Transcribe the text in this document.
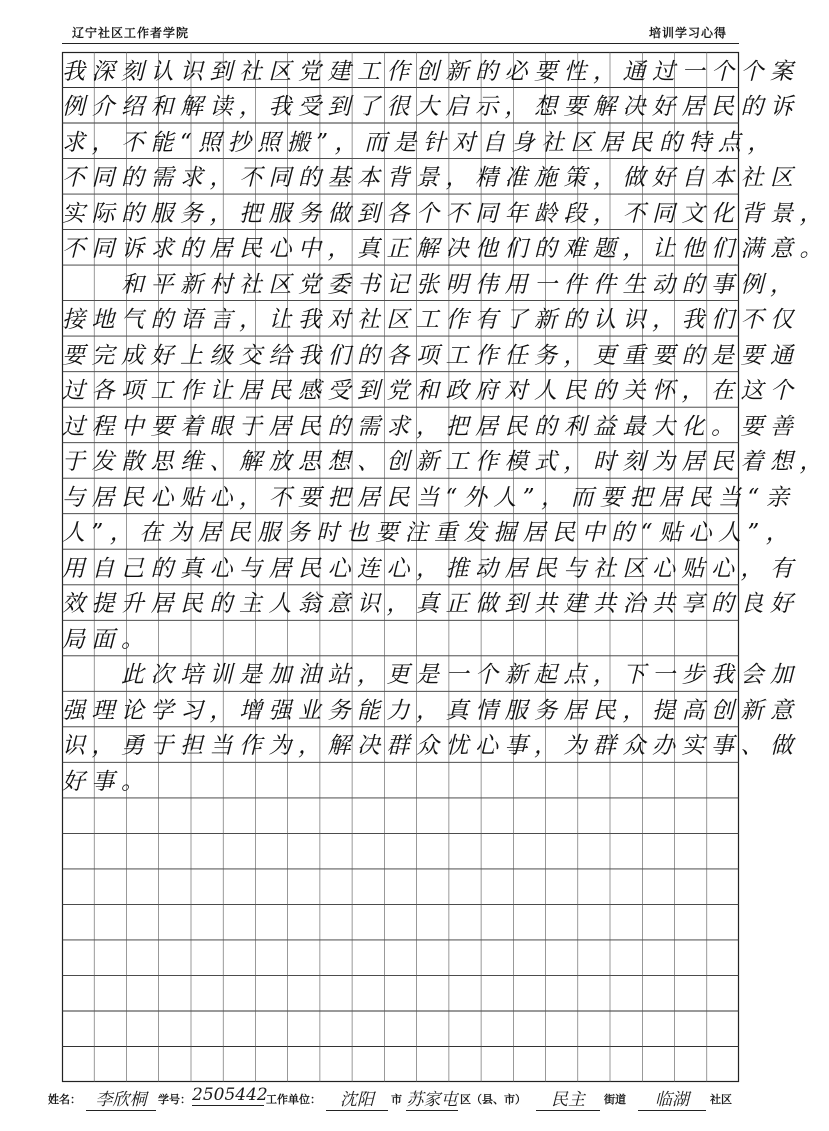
辽宁社区工作者学院	培训学习心得
我深刻认识到社区党建工作创新的必要性，通过一个个案
例介绍和解读，我受到了很大启示，想要解决好居民的诉
求，不能“照抄照搬”，而是针对自身社区居民的特点，
不同的需求，不同的基本背景，精准施策，做好自本社区
实际的服务，把服务做到各个不同年龄段，不同文化背景，
不同诉求的居民心中，真正解决他们的难题，让他们满意。
　　和平新村社区党委书记张明伟用一件件生动的事例，
接地气的语言，让我对社区工作有了新的认识，我们不仅
要完成好上级交给我们的各项工作任务，更重要的是要通
过各项工作让居民感受到党和政府对人民的关怀，在这个
过程中要着眼于居民的需求，把居民的利益最大化。要善
于发散思维、解放思想、创新工作模式，时刻为居民着想，
与居民心贴心，不要把居民当“外人”，而要把居民当“亲
人”，在为居民服务时也要注重发掘居民中的“贴心人”，
用自己的真心与居民心连心，推动居民与社区心贴心，有
效提升居民的主人翁意识，真正做到共建共治共享的良好
局面。
　　此次培训是加油站，更是一个新起点，下一步我会加
强理论学习，增强业务能力，真情服务居民，提高创新意
识，勇于担当作为，解决群众忧心事，为群众办实事、做
好事。
姓名： 李欣桐	学号： 2505442
工作单位：	沈阳	市 苏家屯 区（县、市）	民主	街道	临湖	社区
